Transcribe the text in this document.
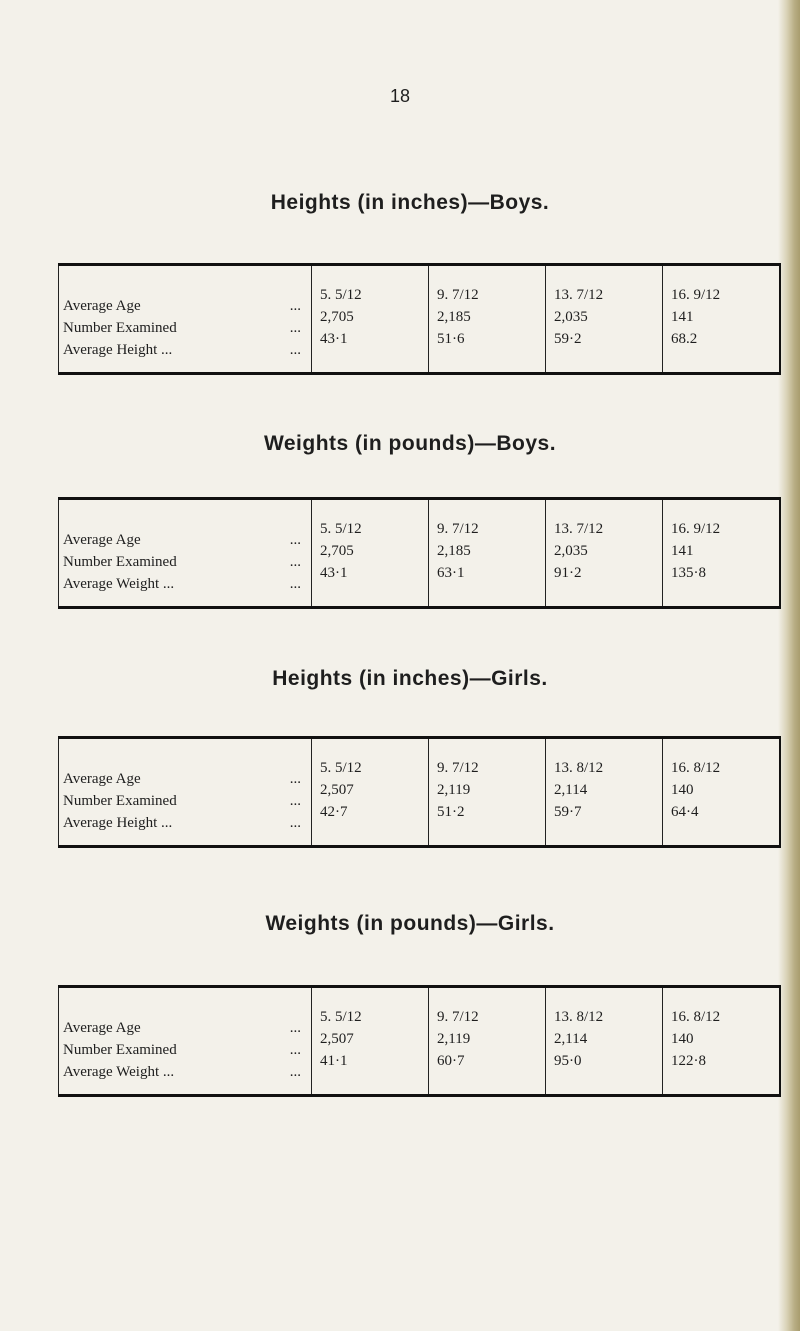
18
Heights (in inches)—Boys.
Average Age ...	5. 5/12	9. 7/12	13. 7/12	16. 9/12

Number Examined ...	2,705	2,185	2,035	141

Average Height ... ...	43·1	51·6	59·2	68.2
Weights (in pounds)—Boys.
Average Age ...	5. 5/12	9. 7/12	13. 7/12	16. 9/12

Number Examined ...	2,705	2,185	2,035	141

Average Weight ... ...	43·1	63·1	91·2	135·8
Heights (in inches)—Girls.
Average Age ...	5. 5/12	9. 7/12	13. 8/12	16. 8/12

Number Examined ...	2,507	2,119	2,114	140

Average Height ... ...	42·7	51·2	59·7	64·4
Weights (in pounds)—Girls.
Average Age ...	5. 5/12	9. 7/12	13. 8/12	16. 8/12

Number Examined ...	2,507	2,119	2,114	140

Average Weight ... ...	41·1	60·7	95·0	122·8
